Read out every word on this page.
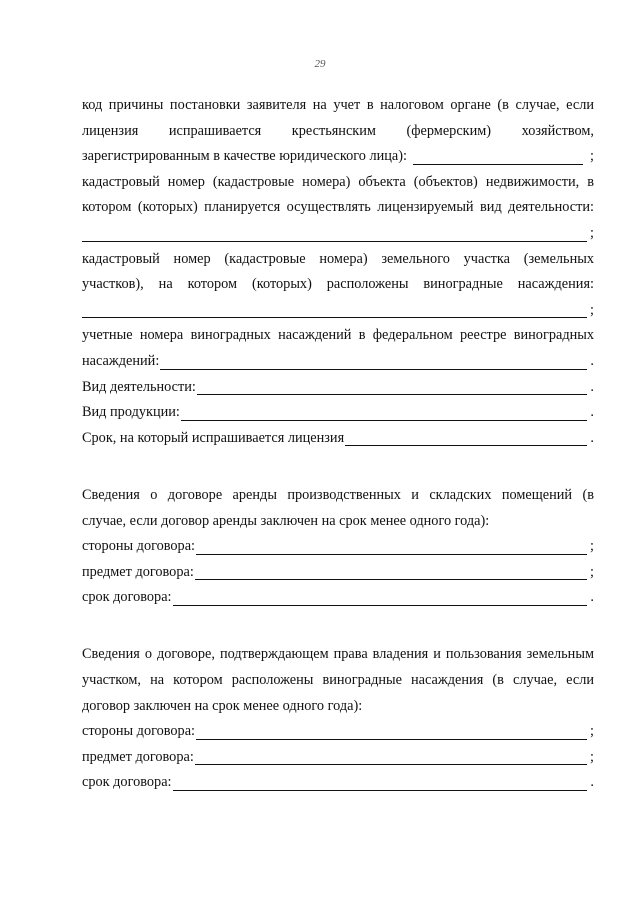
29
код причины постановки заявителя на учет в налоговом органе (в случае, если
лицензия испрашивается крестьянским (фермерским) хозяйством,
зарегистрированным в качестве юридического лица):	;
кадастровый номер (кадастровые номера) объекта (объектов) недвижимости, в
котором (которых) планируется осуществлять лицензируемый вид деятельности:
;
кадастровый номер (кадастровые номера) земельного участка (земельных
участков), на котором (которых) расположены виноградные насаждения:
;
учетные номера виноградных насаждений в федеральном реестре виноградных
насаждений:	.
Вид деятельности:	.
Вид продукции:	.
Срок, на который испрашивается лицензия	.
Сведения о договоре аренды производственных и складских помещений (в
случае, если договор аренды заключен на срок менее одного года):
стороны договора:	;
предмет договора:	;
срок договора:	.
Сведения о договоре, подтверждающем права владения и пользования земельным
участком, на котором расположены виноградные насаждения (в случае, если
договор заключен на срок менее одного года):
стороны договора:	;
предмет договора:	;
срок договора:	.
